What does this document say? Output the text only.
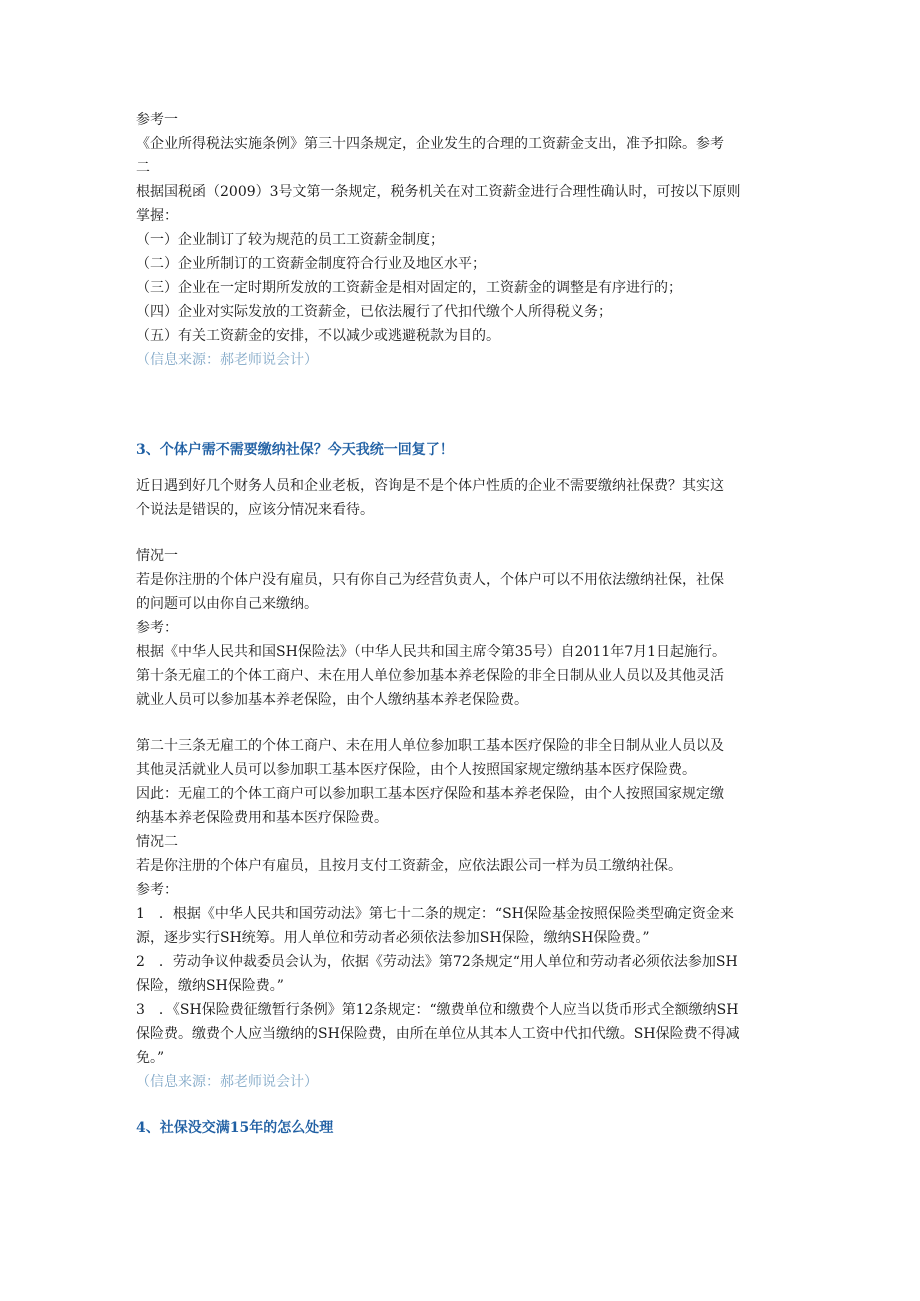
参考一
《企业所得税法实施条例》第三十四条规定，企业发生的合理的工资薪金支出，准予扣除。参考
二
根据国税函（2009）3号文第一条规定，税务机关在对工资薪金进行合理性确认时，可按以下原则
掌握：
（一）企业制订了较为规范的员工工资薪金制度；
（二）企业所制订的工资薪金制度符合行业及地区水平；
（三）企业在一定时期所发放的工资薪金是相对固定的，工资薪金的调整是有序进行的；
（四）企业对实际发放的工资薪金，已依法履行了代扣代缴个人所得税义务；
（五）有关工资薪金的安排，不以减少或逃避税款为目的。
（信息来源：郝老师说会计）
3、个体户需不需要缴纳社保？今天我统一回复了！
近日遇到好几个财务人员和企业老板，咨询是不是个体户性质的企业不需要缴纳社保费？其实这
个说法是错误的，应该分情况来看待。
情况一
若是你注册的个体户没有雇员，只有你自己为经营负责人，个体户可以不用依法缴纳社保，社保
的问题可以由你自己来缴纳。
参考：
根据《中华人民共和国SH保险法》（中华人民共和国主席令第35号）自2011年7月1日起施行。
第十条无雇工的个体工商户、未在用人单位参加基本养老保险的非全日制从业人员以及其他灵活
就业人员可以参加基本养老保险，由个人缴纳基本养老保险费。
第二十三条无雇工的个体工商户、未在用人单位参加职工基本医疗保险的非全日制从业人员以及
其他灵活就业人员可以参加职工基本医疗保险，由个人按照国家规定缴纳基本医疗保险费。
因此：无雇工的个体工商户可以参加职工基本医疗保险和基本养老保险，由个人按照国家规定缴
纳基本养老保险费用和基本医疗保险费。
情况二
若是你注册的个体户有雇员，且按月支付工资薪金，应依法跟公司一样为员工缴纳社保。
参考：
1　．根据《中华人民共和国劳动法》第七十二条的规定：“SH保险基金按照保险类型确定资金来
源，逐步实行SH统筹。用人单位和劳动者必须依法参加SH保险，缴纳SH保险费。”
2　．劳动争议仲裁委员会认为，依据《劳动法》第72条规定“用人单位和劳动者必须依法参加SH
保险，缴纳SH保险费。”
3　．《SH保险费征缴暂行条例》第12条规定：“缴费单位和缴费个人应当以货币形式全额缴纳SH
保险费。缴费个人应当缴纳的SH保险费，由所在单位从其本人工资中代扣代缴。SH保险费不得减
免。”
（信息来源：郝老师说会计）
4、社保没交满15年的怎么处理
